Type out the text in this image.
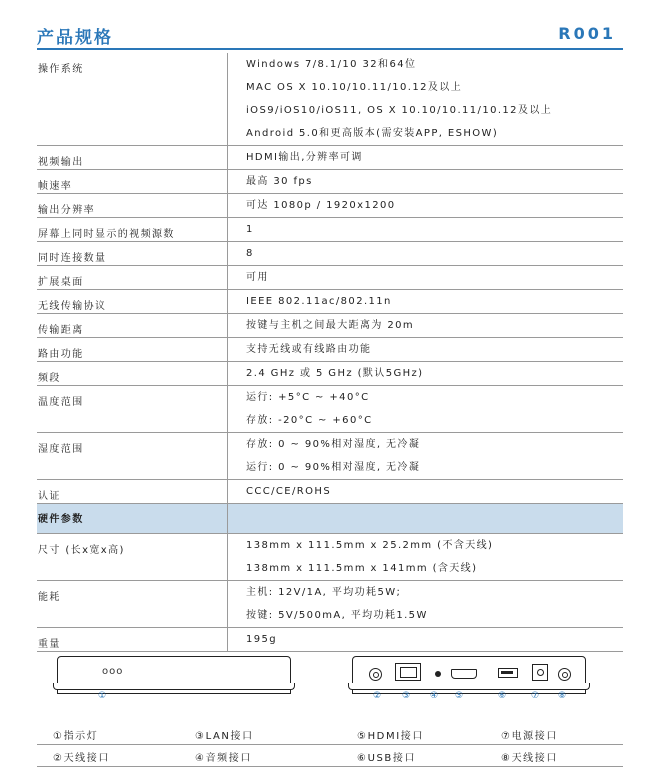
产品规格	R001
操作系统	Windows 7/8.1/10 32和64位
MAC OS X 10.10/10.11/10.12及以上
iOS9/iOS10/iOS11, OS X 10.10/10.11/10.12及以上
Android 5.0和更高版本(需安装APP, ESHOW)

视频输出	HDMI输出,分辨率可调

帧速率	最高 30 fps

输出分辨率	可达 1080p / 1920x1200

屏幕上同时显示的视频源数	1

同时连接数量	8

扩展桌面	可用

无线传输协议	IEEE 802.11ac/802.11n

传输距离	按键与主机之间最大距离为 20m

路由功能	支持无线或有线路由功能

频段	2.4 GHz 或 5 GHz (默认5GHz)

温度范围	运行: +5°C ~ +40°C
存放: -20°C ~ +60°C

湿度范围	存放: 0 ~ 90%相对湿度, 无冷凝
运行: 0 ~ 90%相对湿度, 无冷凝

认证	CCC/CE/ROHS

硬件参数	
尺寸 (长x宽x高)	138mm x 111.5mm x 25.2mm (不含天线)
138mm x 111.5mm x 141mm (含天线)

能耗	主机: 12V/1A, 平均功耗5W;
按键: 5V/500mA, 平均功耗1.5W

重量	195g
ooo
①	② ③ ④ ⑤	⑥	⑦ ⑧
①指示灯	③LAN接口	⑤HDMI接口	⑦电源接口
②天线接口	④音频接口	⑥USB接口	⑧天线接口
